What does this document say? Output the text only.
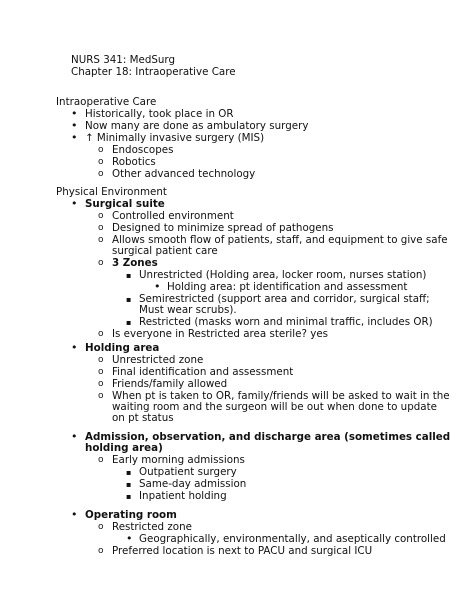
NURS 341: MedSurg
Chapter 18: Intraoperative Care
Intraoperative Care
• Historically, took place in OR
• Now many are done as ambulatory surgery
• ↑ Minimally invasive surgery (MIS)
o Endoscopes
o Robotics
o Other advanced technology
Physical Environment
• Surgical suite
o Controlled environment
o Designed to minimize spread of pathogens
o Allows smooth flow of patients, staff, and equipment to give safe
surgical patient care
o 3 Zones
▪ Unrestricted (Holding area, locker room, nurses station)
• Holding area: pt identification and assessment
▪ Semirestricted (support area and corridor, surgical staff;
Must wear scrubs).
▪ Restricted (masks worn and minimal traffic, includes OR)
o Is everyone in Restricted area sterile? yes
• Holding area
o Unrestricted zone
o Final identification and assessment
o Friends/family allowed
o When pt is taken to OR, family/friends will be asked to wait in the
waiting room and the surgeon will be out when done to update
on pt status
• Admission, observation, and discharge area (sometimes called
holding area)
o Early morning admissions
▪ Outpatient surgery
▪ Same-day admission
▪ Inpatient holding
• Operating room
o Restricted zone
• Geographically, environmentally, and aseptically controlled
o Preferred location is next to PACU and surgical ICU
